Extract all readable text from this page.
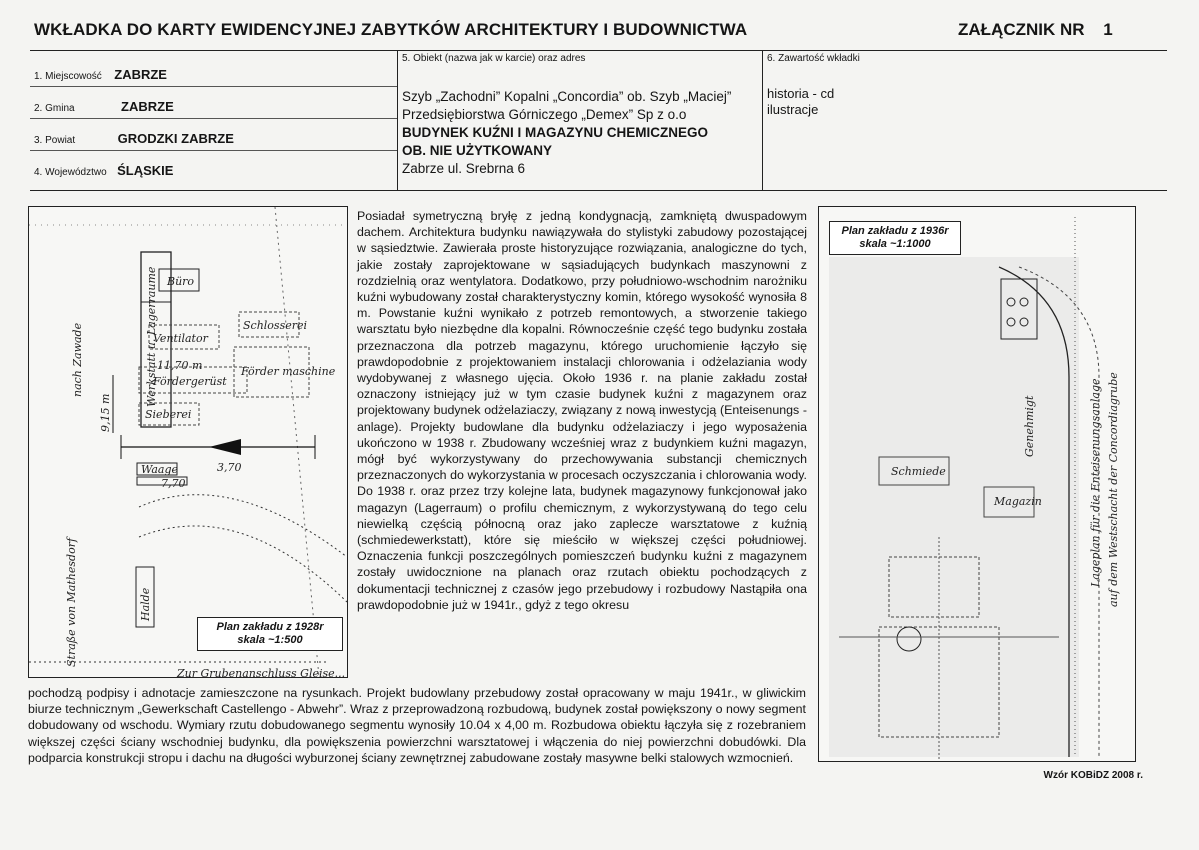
WKŁADKA DO KARTY EWIDENCYJNEJ ZABYTKÓW ARCHITEKTURY I BUDOWNICTWA	ZAŁĄCZNIK NR 1
1. Miejscowość ZABRZE
2. Gmina	ZABRZE
3. Powiat	GRODZKI ZABRZE
4. Województwo ŚLĄSKIE
5. Obiekt (nazwa jak w karcie) oraz adres
Szyb „Zachodni” Kopalni „Concordia” ob. Szyb „Maciej”
Przedsiębiorstwa Górniczego „Demex” Sp z o.o
BUDYNEK KUŹNI I MAGAZYNU CHEMICZNEGO
OB. NIE UŻYTKOWANY
Zabrze ul. Srebrna 6
6. Zawartość wkładki
historia - cd
ilustracje
Büro
Ventilator
Fördergerüst
Sieberei
Schlosserei
Förder maschine
11,70 m
3,70
7,70
Waage
Zur Grubenanschluss Gleise...
Werkstatt u. Lagerraume
nach Zawade
9,15 m
Halde
Straße von Mathesdorf	Plan zakładu z 1928r
skala ~1:500
Posiadał symetryczną bryłę z jedną kondygnacją, zamkniętą dwuspadowym dachem. Architektura budynku nawiązywała do stylistyki zabudowy pozostającej w sąsiedztwie. Zawierała proste historyzujące rozwiązania, analogiczne do tych, jakie zostały zaprojektowane w sąsiadujących budynkach maszynowni z rozdzielnią oraz wentylatora. Dodatkowo, przy południowo-wschodnim narożniku kuźni wybudowany został charakterystyczny komin, którego wysokość wynosiła 8 m. Powstanie kuźni wynikało z potrzeb remontowych, a stworzenie takiego warsztatu było niezbędne dla kopalni. Równocześnie część tego budynku została przeznaczona dla potrzeb magazynu, którego uruchomienie łączyło się prawdopodobnie z projektowaniem instalacji chlorowania i odżelaziania wody wydobywanej z własnego ujęcia. Około 1936 r. na planie zakładu został oznaczony istniejący już w tym czasie budynek kuźni z magazynem oraz projektowany budynek odżelaziaczy, związany z nową inwestycją (Enteisenungs - anlage). Projekty budowlane dla budynku odżelaziaczy i jego wyposażenia ukończono w 1938 r. Zbudowany wcześniej wraz z budynkiem kuźni magazyn, mógł być wykorzystywany do przechowywania substancji chemicznych przeznaczonych do wykorzystania w procesach oczyszczania i chlorowania wody. Do 1938 r. oraz przez trzy kolejne lata, budynek magazynowy funkcjonował jako magazyn (Lagerraum) o profilu chemicznym, z wykorzystywaną do tego celu niewielką częścią północną oraz jako zaplecze warsztatowe z kuźnią (schmiedewerkstatt), które się mieściło w większej części południowej. Oznaczenia funkcji poszczególnych pomieszczeń budynku kuźni z magazynem zostały uwidocznione na planach oraz rzutach obiektu pochodzących z dokumentacji technicznej z czasów jego przebudowy i rozbudowy Nastąpiła ona prawdopodobnie już w 1941r., gdyż z tego okresu
pochodzą podpisy i adnotacje zamieszczone na rysunkach. Projekt budowlany przebudowy został opracowany w maju 1941r., w gliwickim biurze technicznym „Gewerkschaft Castellengo - Abwehr”. Wraz z przeprowadzoną rozbudową, budynek został powiększony o nowy segment dobudowany od wschodu. Wymiary rzutu dobudowanego segmentu wynosiły 10.04 x 4,00 m. Rozbudowa obiektu łączyła się z rozebraniem większej części ściany wschodniej budynku, dla powiększenia powierzchni warsztatowej i włączenia do niej powierzchni dobudówki. Dla podparcia konstrukcji stropu i dachu na długości wyburzonej ściany zewnętrznej zabudowane zostały masywne belki stalowych wzmocnień.
Schmiede
Magazin
Genehmigt	Lageplan für die Enteisenungsanlage auf dem Westschacht der Concordiagrube
Plan zakładu z 1936r
skala ~1:1000
Wzór KOBiDZ 2008 r.
